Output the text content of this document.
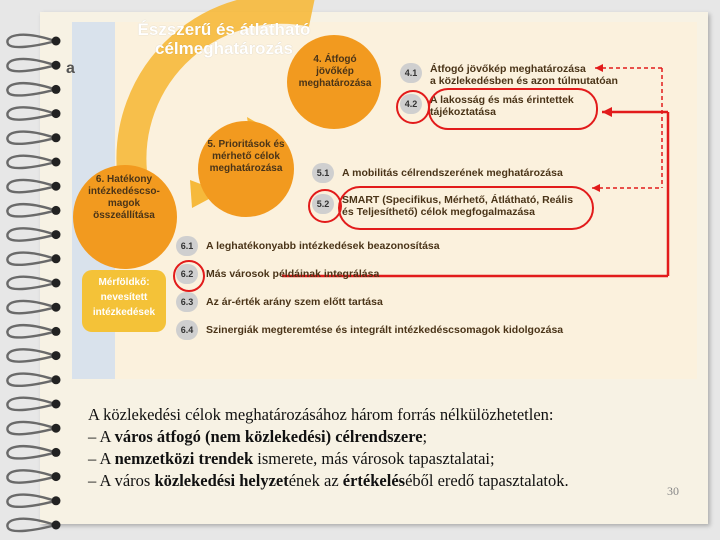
a
Észszerű és átlátható célmeghatározás
4. Átfogó jövőkép meghatározása
5. Prioritások és mérhető célok meghatározása
6. Hatékony intézkedéscso- magok összeállítása
Mérföldkő: nevesített intézkedések
4.1	Átfogó jövőkép meghatározása
a közlekedésben és azon túlmutatóan
4.2	A lakosság és más érintettek
tájékoztatása
5.1	A mobilitás célrendszerének meghatározása
5.2	SMART (Specifikus, Mérhető, Átlátható, Reális
és Teljesíthető) célok megfogalmazása
6.1	A leghatékonyabb intézkedések beazonosítása
6.2	Más városok példáinak integrálása
6.3	Az ár-érték arány szem előtt tartása
6.4	Szinergiák megteremtése és integrált intézkedéscsomagok kidolgozása
A közlekedési célok meghatározásához három forrás nélkülözhetetlen:
– A város átfogó (nem közlekedési) célrendszere;
– A nemzetközi trendek ismerete, más városok tapasztalatai;
– A város közlekedési helyzetének az értékeléséből eredő tapasztalatok.
30
